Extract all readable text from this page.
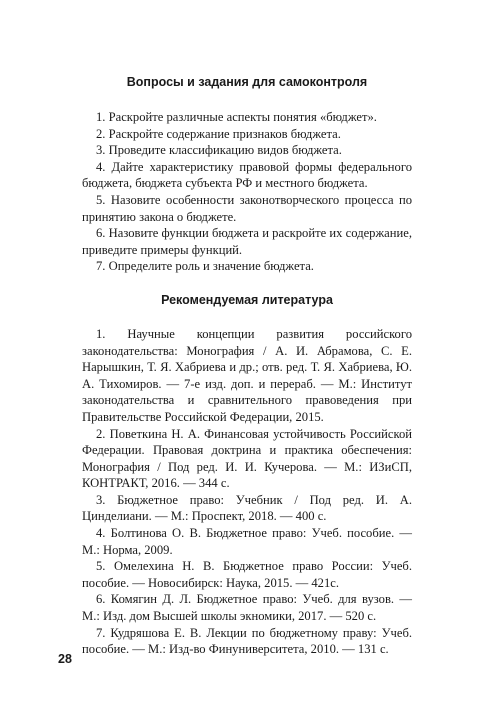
Вопросы и задания для самоконтроля

1. Раскройте различные аспекты понятия «бюджет».

2. Раскройте содержание признаков бюджета.

3. Проведите классификацию видов бюджета.

4. Дайте характеристику правовой формы федерального бюджета, бюджета субъекта РФ и местного бюджета.

5. Назовите особенности законотворческого процесса по принятию закона о бюджете.

6. Назовите функции бюджета и раскройте их содержание, приведите примеры функций.

7. Определите роль и значение бюджета.

Рекомендуемая литература

1. Научные концепции развития российского законодательства: Монография / А. И. Абрамова, С. Е. Нарышкин, Т. Я. Хабриева и др.; отв. ред. Т. Я. Хабриева, Ю. А. Тихомиров. — 7-е изд. доп. и перераб. — М.: Институт законодательства и сравнительного правоведения при Правительстве Российской Федерации, 2015.

2. Поветкина Н. А. Финансовая устойчивость Российской Федерации. Правовая доктрина и практика обеспечения: Монография / Под ред. И. И. Кучерова. — М.: ИЗиСП, КОНТРАКТ, 2016. — 344 с.

3. Бюджетное право: Учебник / Под ред. И. А. Цинделиани. — М.: Проспект, 2018. — 400 с.

4. Болтинова О. В. Бюджетное право: Учеб. пособие. — М.: Норма, 2009.

5. Омелехина Н. В. Бюджетное право России: Учеб. пособие. — Новосибирск: Наука, 2015. — 421с.

6. Комягин Д. Л. Бюджетное право: Учеб. для вузов. — М.: Изд. дом Высшей школы экномики, 2017. — 520 с.

7. Кудряшова Е. В. Лекции по бюджетному праву: Учеб. пособие. — М.: Изд-во Финуниверситета, 2010. — 131 с.

28
